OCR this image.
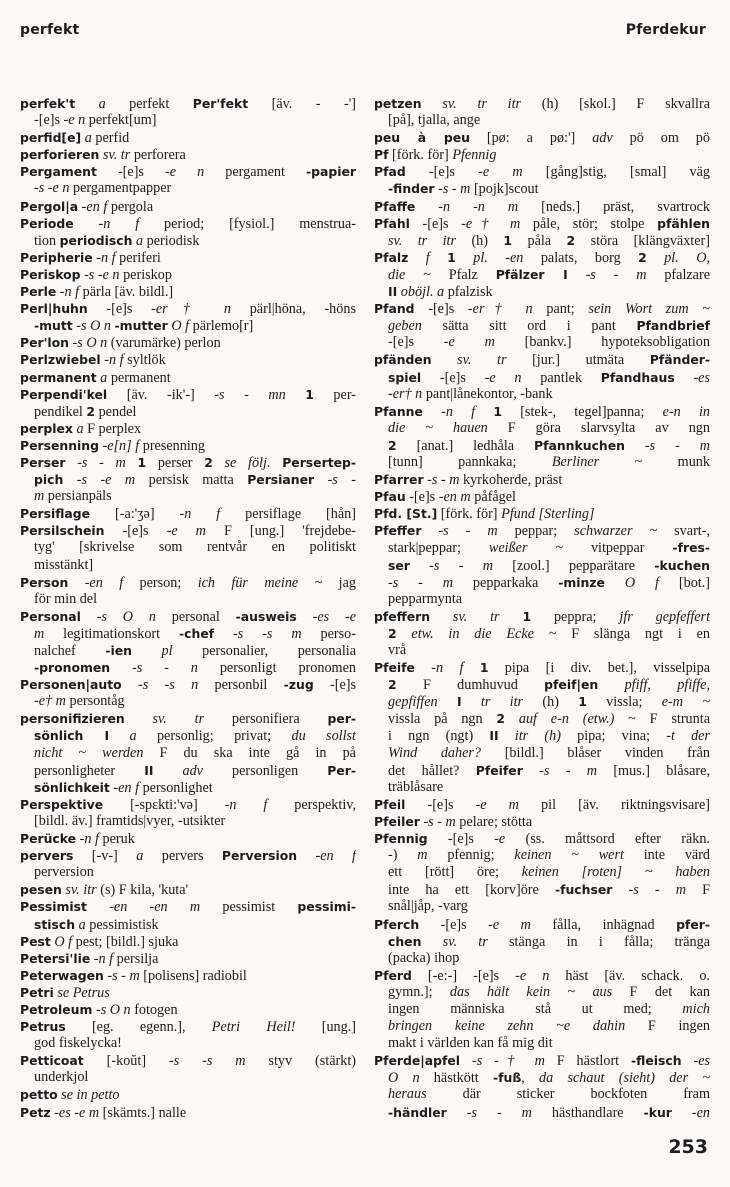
perfekt	Pferdekur
perfek't a perfekt Per'fekt [äv. - -']
-[e]s -e n perfekt[um]
perfid[e] a perfid
perforieren sv. tr perforera
Pergament -[e]s -e n pergament -papier
-s -e n pergamentpapper
Pergol|a -en f pergola
Periode -n f period; [fysiol.] menstrua-
tion periodisch a periodisk
Peripherie -n f periferi
Periskop -s -e n periskop
Perle -n f pärla [äv. bildl.]
Perl|huhn -[e]s -er† n pärl|höna, -höns
-mutt -s O n -mutter O f pärlemo[r]
Per'lon -s O n (varumärke) perlon
Perlzwiebel -n f syltlök
permanent a permanent
Perpendi'kel [äv. -ik'-] -s - mn 1 per-
pendikel 2 pendel
perplex a F perplex
Persenning -e[n] f presenning
Perser -s - m 1 perser 2 se följ. Persertep-
pich -s -e m persisk matta Persianer -s -
m persianpäls
Persiflage [-a:'ʒə] -n f persiflage [hån]
Persilschein -[e]s -e m F [ung.] 'frejdebe-
tyg' [skrivelse som rentvår en politiskt
misstänkt]
Person -en f person; ich für meine ~ jag
för min del
Personal -s O n personal -ausweis -es -e
m legitimationskort -chef -s -s m perso-
nalchef -ien pl personalier, personalia
-pronomen -s - n personligt pronomen
Personen|auto -s -s n personbil -zug -[e]s
-e† m persontåg
personifizieren sv. tr personifiera per-
sönlich I a personlig; privat; du sollst
nicht ~ werden F du ska inte gå in på
personligheter II adv personligen Per-
sönlichkeit -en f personlighet
Perspektive [-spɛkti:'və] -n f perspektiv,
[bildl. äv.] framtids|vyer, -utsikter
Perücke -n f peruk
pervers [-v-] a pervers Perversion -en f
perversion
pesen sv. itr (s) F kila, 'kuta'
Pessimist -en -en m pessimist pessimi-
stisch a pessimistisk
Pest O f pest; [bildl.] sjuka
Petersi'lie -n f persilja
Peterwagen -s - m [polisens] radiobil
Petri se Petrus
Petroleum -s O n fotogen
Petrus [eg. egenn.], Petri Heil! [ung.]
god fiskelycka!
Petticoat [-koŭt] -s -s m styv (stärkt)
underkjol
petto se in petto
Petz -es -e m [skämts.] nalle
petzen sv. tr itr (h) [skol.] F skvallra
[på], tjalla, ange
peu à peu [pø: a pø:'] adv pö om pö
Pf [förk. för] Pfennig
Pfad -[e]s -e m [gång]stig, [smal] väg
-finder -s - m [pojk]scout
Pfaffe -n -n m [neds.] präst, svartrock
Pfahl -[e]s -e† m påle, stör; stolpe pfählen
sv. tr itr (h) 1 påla 2 störa [klängväxter]
Pfalz f 1 pl. -en palats, borg 2 pl. O,
die ~ Pfalz Pfälzer I -s - m pfalzare
II oböjl. a pfalzisk
Pfand -[e]s -er† n pant; sein Wort zum ~
geben sätta sitt ord i pant Pfandbrief
-[e]s -e m [bankv.] hypoteksobligation
pfänden sv. tr [jur.] utmäta Pfänder-
spiel -[e]s -e n pantlek Pfandhaus -es
-er† n pant|lånekontor, -bank
Pfanne -n f 1 [stek-, tegel]panna; e-n in
die ~ hauen F göra slarvsylta av ngn
2 [anat.] ledhåla Pfannkuchen -s - m
[tunn] pannkaka; Berliner ~ munk
Pfarrer -s - m kyrkoherde, präst
Pfau -[e]s -en m påfågel
Pfd. [St.] [förk. för] Pfund [Sterling]
Pfeffer -s - m peppar; schwarzer ~ svart-,
stark|peppar; weißer ~ vitpeppar -fres-
ser -s - m [zool.] pepparätare -kuchen
-s - m pepparkaka -minze O f [bot.]
pepparmynta
pfeffern sv. tr 1 peppra; jfr gepfeffert
2 etw. in die Ecke ~ F slänga ngt i en
vrå
Pfeife -n f 1 pipa [i div. bet.], visselpipa
2 F dumhuvud pfeif|en pfiff, pfiffe,
gepfiffen I tr itr (h) 1 vissla; e-m ~
vissla på ngn 2 auf e-n (etw.) ~ F strunta
i ngn (ngt) II itr (h) pipa; vina; -t der
Wind daher? [bildl.] blåser vinden från
det hållet? Pfeifer -s - m [mus.] blåsare,
träblåsare
Pfeil -[e]s -e m pil [äv. riktningsvisare]
Pfeiler -s - m pelare; stötta
Pfennig -[e]s -e (ss. måttsord efter räkn.
-) m pfennig; keinen ~ wert inte värd
ett [rött] öre; keinen [roten] ~ haben
inte ha ett [korv]öre -fuchser -s - m F
snål|jåp, -varg
Pferch -[e]s -e m fålla, inhägnad pfer-
chen sv. tr stänga in i fålla; tränga
(packa) ihop
Pferd [-e:-] -[e]s -e n häst [äv. schack. o.
gymn.]; das hält kein ~ aus F det kan
ingen människa stå ut med; mich
bringen keine zehn ~e dahin F ingen
makt i världen kan få mig dit
Pferde|apfel -s -† m F hästlort -fleisch -es
O n hästkött -fuß, da schaut (sieht) der ~
heraus där sticker bockfoten fram
-händler -s - m hästhandlare -kur -en
253
